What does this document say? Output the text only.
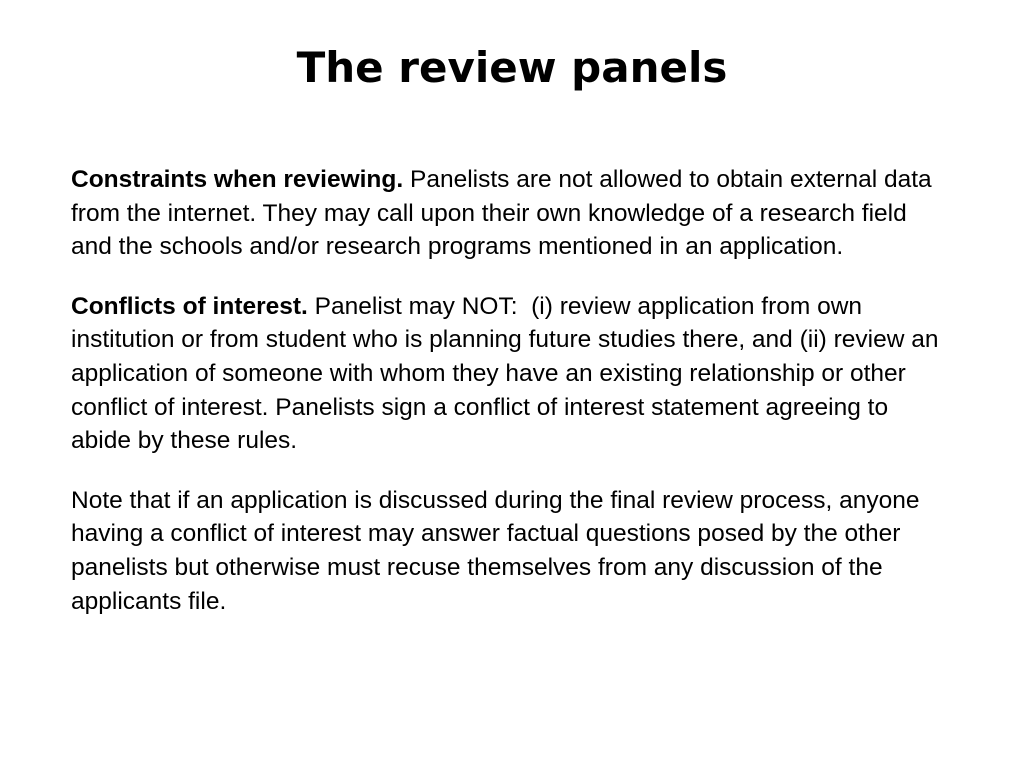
The review panels

Constraints when reviewing. Panelists are not allowed to obtain external data from the internet. They may call upon their own knowledge of a research field and the schools and/or research programs mentioned in an application.

Conflicts of interest. Panelist may NOT:  (i) review application from own institution or from student who is planning future studies there, and (ii) review an application of someone with whom they have an existing relationship or other conflict of interest. Panelists sign a conflict of interest statement agreeing to abide by these rules.

Note that if an application is discussed during the final review process, anyone having a conflict of interest may answer factual questions posed by the other panelists but otherwise must recuse themselves from any discussion of the applicants file.
